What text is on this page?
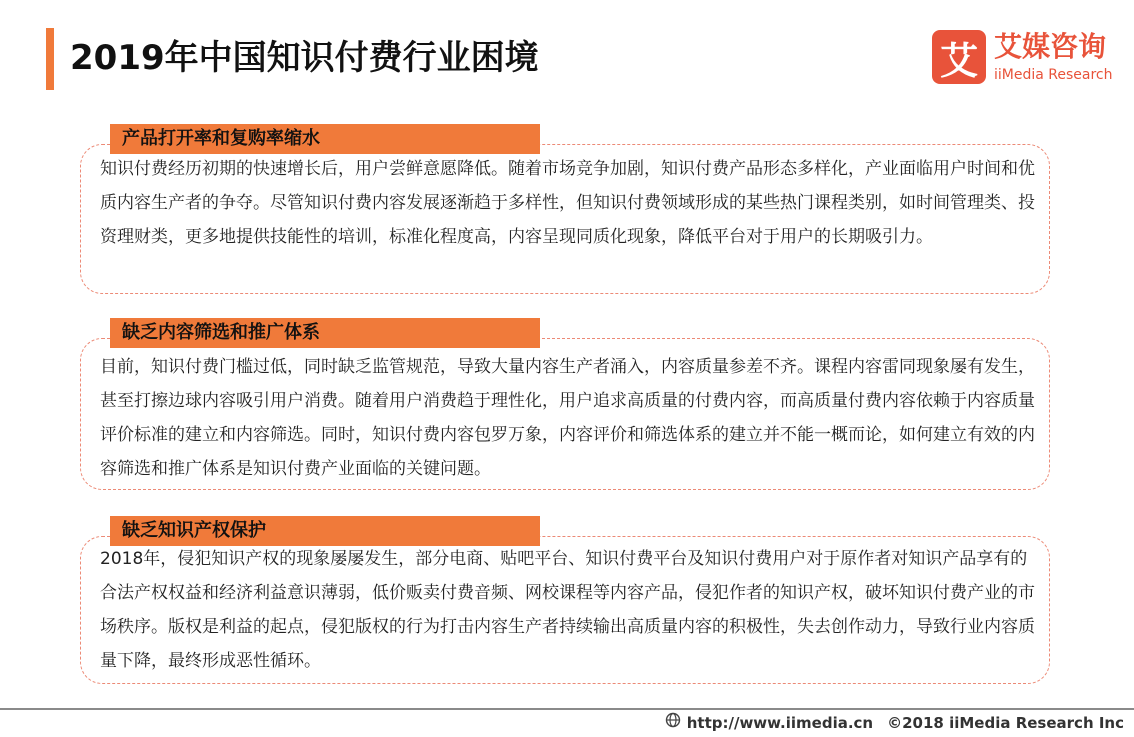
2019年中国知识付费行业困境	艾 艾媒咨询
iiMedia Research
产品打开率和复购率缩水
知识付费经历初期的快速增长后，用户尝鲜意愿降低。随着市场竞争加剧，知识付费产品形态多样化，产业面临用户时间和优质内容生产者的争夺。尽管知识付费内容发展逐渐趋于多样性，但知识付费领域形成的某些热门课程类别，如时间管理类、投资理财类，更多地提供技能性的培训，标准化程度高，内容呈现同质化现象，降低平台对于用户的长期吸引力。
缺乏内容筛选和推广体系
目前，知识付费门槛过低，同时缺乏监管规范，导致大量内容生产者涌入，内容质量参差不齐。课程内容雷同现象屡有发生，甚至打擦边球内容吸引用户消费。随着用户消费趋于理性化，用户追求高质量的付费内容，而高质量付费内容依赖于内容质量评价标准的建立和内容筛选。同时，知识付费内容包罗万象，内容评价和筛选体系的建立并不能一概而论，如何建立有效的内容筛选和推广体系是知识付费产业面临的关键问题。
缺乏知识产权保护
2018年，侵犯知识产权的现象屡屡发生，部分电商、贴吧平台、知识付费平台及知识付费用户对于原作者对知识产品享有的合法产权权益和经济利益意识薄弱，低价贩卖付费音频、网校课程等内容产品，侵犯作者的知识产权，破坏知识付费产业的市场秩序。版权是利益的起点，侵犯版权的行为打击内容生产者持续输出高质量内容的积极性，失去创作动力，导致行业内容质量下降，最终形成恶性循环。
http://www.iimedia.cn ©2018 iiMedia Research Inc
